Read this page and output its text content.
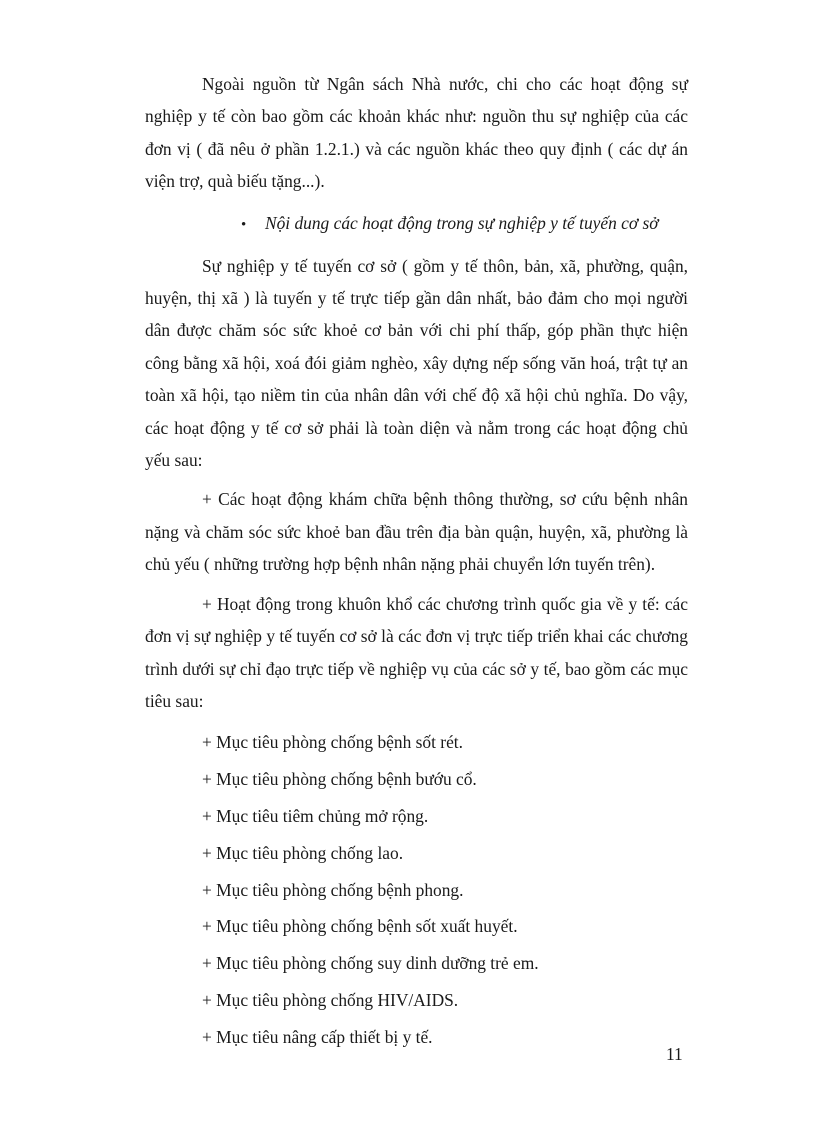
Ngoài nguồn từ Ngân sách Nhà nước, chi cho các hoạt động sự nghiệp y tế còn bao gồm các khoản khác như: nguồn thu sự nghiệp của các đơn vị ( đã nêu ở phần 1.2.1.) và các nguồn khác theo quy định ( các dự án viện trợ, quà biếu tặng...).

• Nội dung các hoạt động trong sự nghiệp y tế tuyến cơ sở

Sự nghiệp y tế tuyến cơ sở ( gồm y tế thôn, bản, xã, phường, quận, huyện, thị xã ) là tuyến y tế trực tiếp gần dân nhất, bảo đảm cho mọi người dân được chăm sóc sức khoẻ cơ bản với chi phí thấp, góp phần thực hiện công bằng xã hội, xoá đói giảm nghèo, xây dựng nếp sống văn hoá, trật tự an toàn xã hội, tạo niềm tin của nhân dân với chế độ xã hội chủ nghĩa. Do vậy, các hoạt động y tế cơ sở phải là toàn diện và nằm trong các hoạt động chủ yếu sau:

+ Các hoạt động khám chữa bệnh thông thường, sơ cứu bệnh nhân nặng và chăm sóc sức khoẻ ban đầu trên địa bàn quận, huyện, xã, phường là chủ yếu ( những trường hợp bệnh nhân nặng phải chuyển lớn tuyến trên).

+ Hoạt động trong khuôn khổ các chương trình quốc gia về y tế: các đơn vị sự nghiệp y tế tuyến cơ sở là các đơn vị trực tiếp triển khai các chương trình dưới sự chỉ đạo trực tiếp về nghiệp vụ của các sở y tế, bao gồm các mục tiêu sau:

+ Mục tiêu phòng chống bệnh sốt rét.

+ Mục tiêu phòng chống bệnh bướu cổ.

+ Mục tiêu tiêm chủng mở rộng.

+ Mục tiêu phòng chống lao.

+ Mục tiêu phòng chống bệnh phong.

+ Mục tiêu phòng chống bệnh sốt xuất huyết.

+ Mục tiêu phòng chống suy dinh dưỡng trẻ em.

+ Mục tiêu phòng chống HIV/AIDS.

+ Mục tiêu nâng cấp thiết bị y tế.

11
